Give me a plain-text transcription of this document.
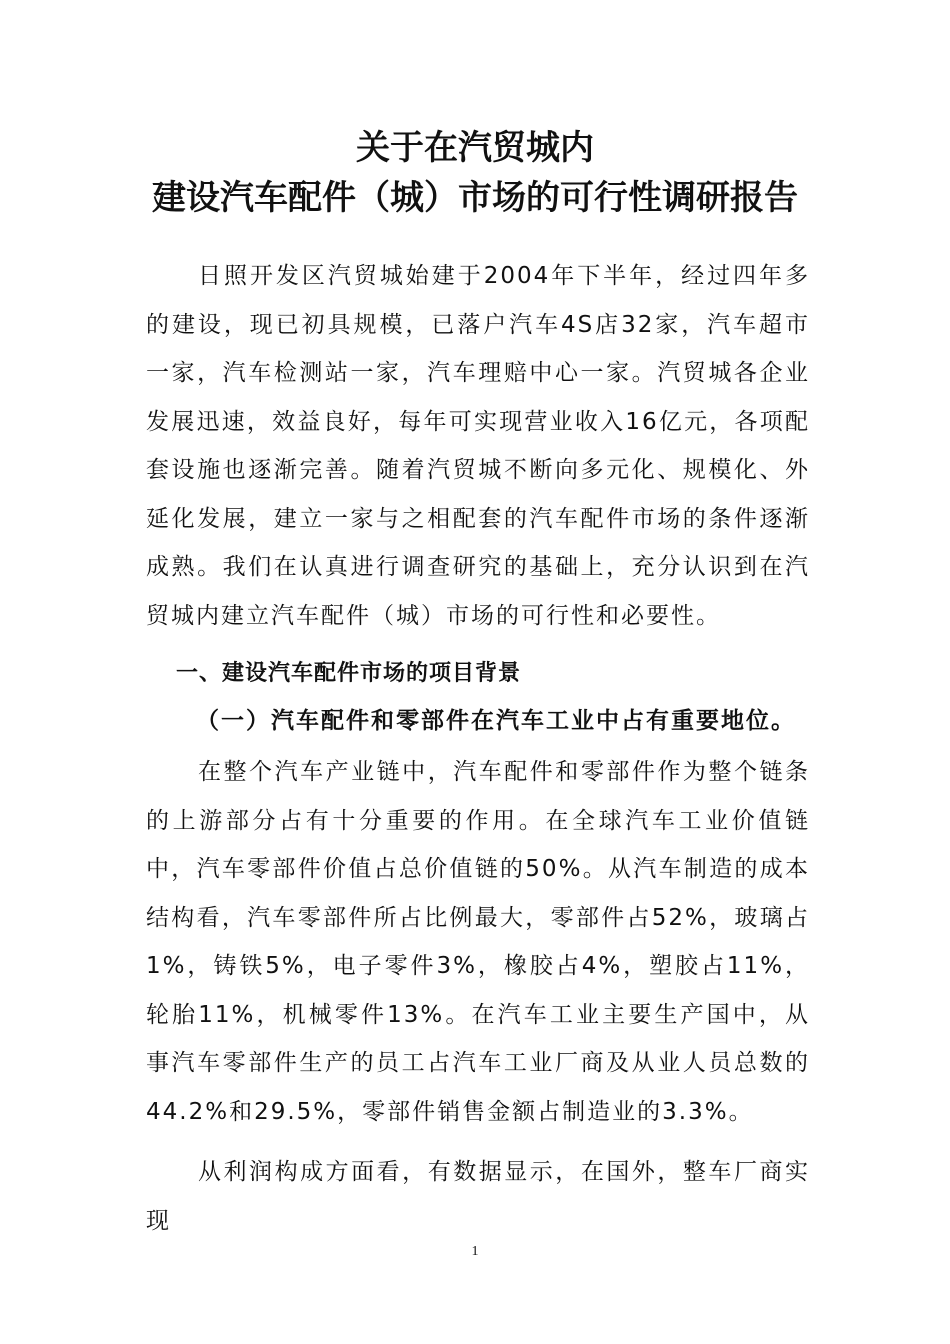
关于在汽贸城内
建设汽车配件（城）市场的可行性调研报告

日照开发区汽贸城始建于2004年下半年，经过四年多的建设，现已初具规模，已落户汽车4S店32家，汽车超市一家，汽车检测站一家，汽车理赔中心一家。汽贸城各企业发展迅速，效益良好，每年可实现营业收入16亿元，各项配套设施也逐渐完善。随着汽贸城不断向多元化、规模化、外延化发展，建立一家与之相配套的汽车配件市场的条件逐渐成熟。我们在认真进行调查研究的基础上，充分认识到在汽贸城内建立汽车配件（城）市场的可行性和必要性。

一、建设汽车配件市场的项目背景
（一）汽车配件和零部件在汽车工业中占有重要地位。

在整个汽车产业链中，汽车配件和零部件作为整个链条的上游部分占有十分重要的作用。在全球汽车工业价值链中，汽车零部件价值占总价值链的50%。从汽车制造的成本结构看，汽车零部件所占比例最大，零部件占52%，玻璃占1%，铸铁5%，电子零件3%，橡胶占4%，塑胶占11%，轮胎11%，机械零件13%。在汽车工业主要生产国中，从事汽车零部件生产的员工占汽车工业厂商及从业人员总数的44.2%和29.5%，零部件销售金额占制造业的3.3%。

从利润构成方面看，有数据显示，在国外，整车厂商实现

1
